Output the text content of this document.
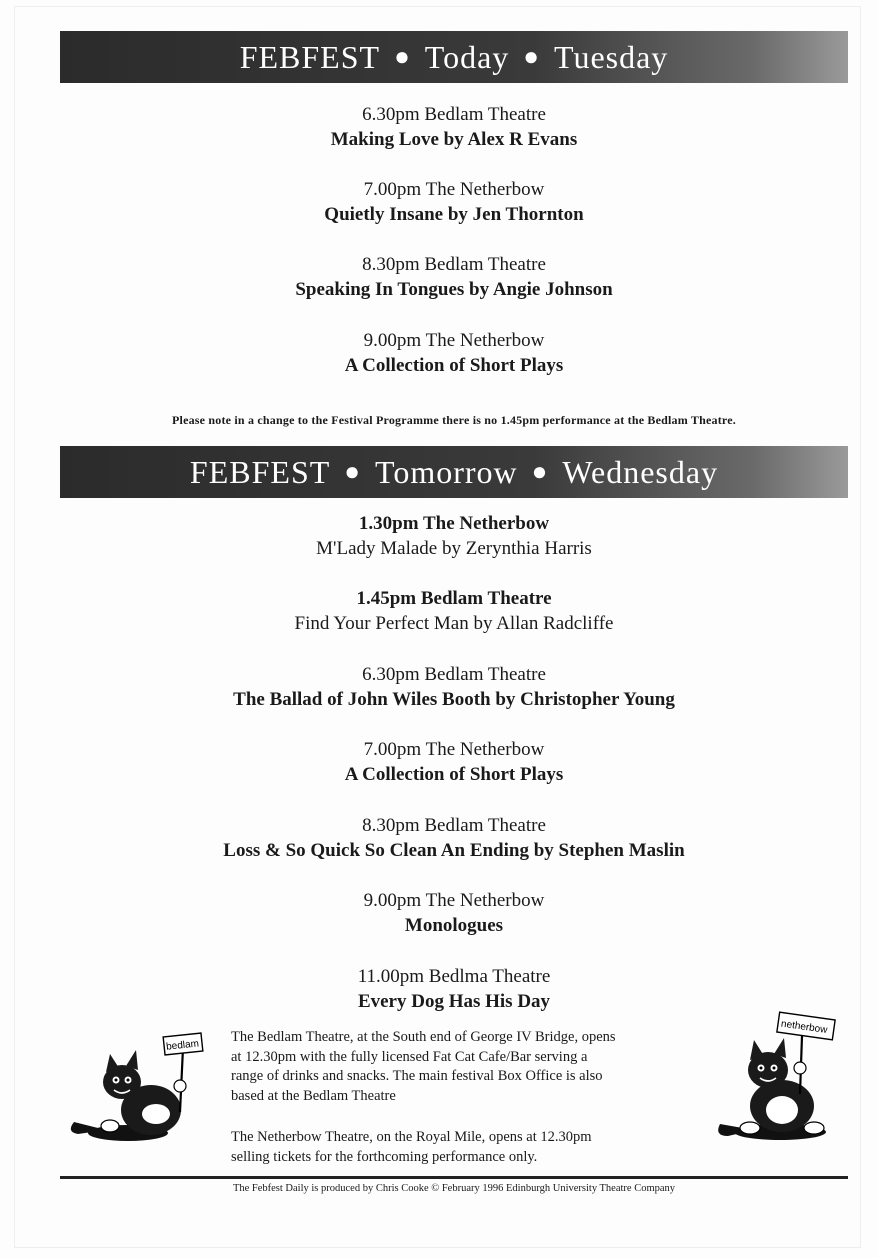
FEBFEST ● Today ● Tuesday
6.30pm Bedlam Theatre
Making Love by Alex R Evans
7.00pm The Netherbow
Quietly Insane by Jen Thornton
8.30pm Bedlam Theatre
Speaking In Tongues by Angie Johnson
9.00pm The Netherbow
A Collection of Short Plays
Please note in a change to the Festival Programme there is no 1.45pm performance at the Bedlam Theatre.
FEBFEST ● Tomorrow ● Wednesday
1.30pm The Netherbow
M'Lady Malade by Zerynthia Harris
1.45pm Bedlam Theatre
Find Your Perfect Man by Allan Radcliffe
6.30pm Bedlam Theatre
The Ballad of John Wiles Booth by Christopher Young
7.00pm The Netherbow
A Collection of Short Plays
8.30pm Bedlam Theatre
Loss & So Quick So Clean An Ending by Stephen Maslin
9.00pm The Netherbow
Monologues
11.00pm Bedlma Theatre
Every Dog Has His Day
bedlam
The Bedlam Theatre, at the South end of George IV Bridge, opens
at 12.30pm with the fully licensed Fat Cat Cafe/Bar serving a
range of drinks and snacks. The main festival Box Office is also
based at the Bedlam Theatre
The Netherbow Theatre, on the Royal Mile, opens at 12.30pm
selling tickets for the forthcoming performance only.
netherbow
The Febfest Daily is produced by Chris Cooke © February 1996 Edinburgh University Theatre Company
